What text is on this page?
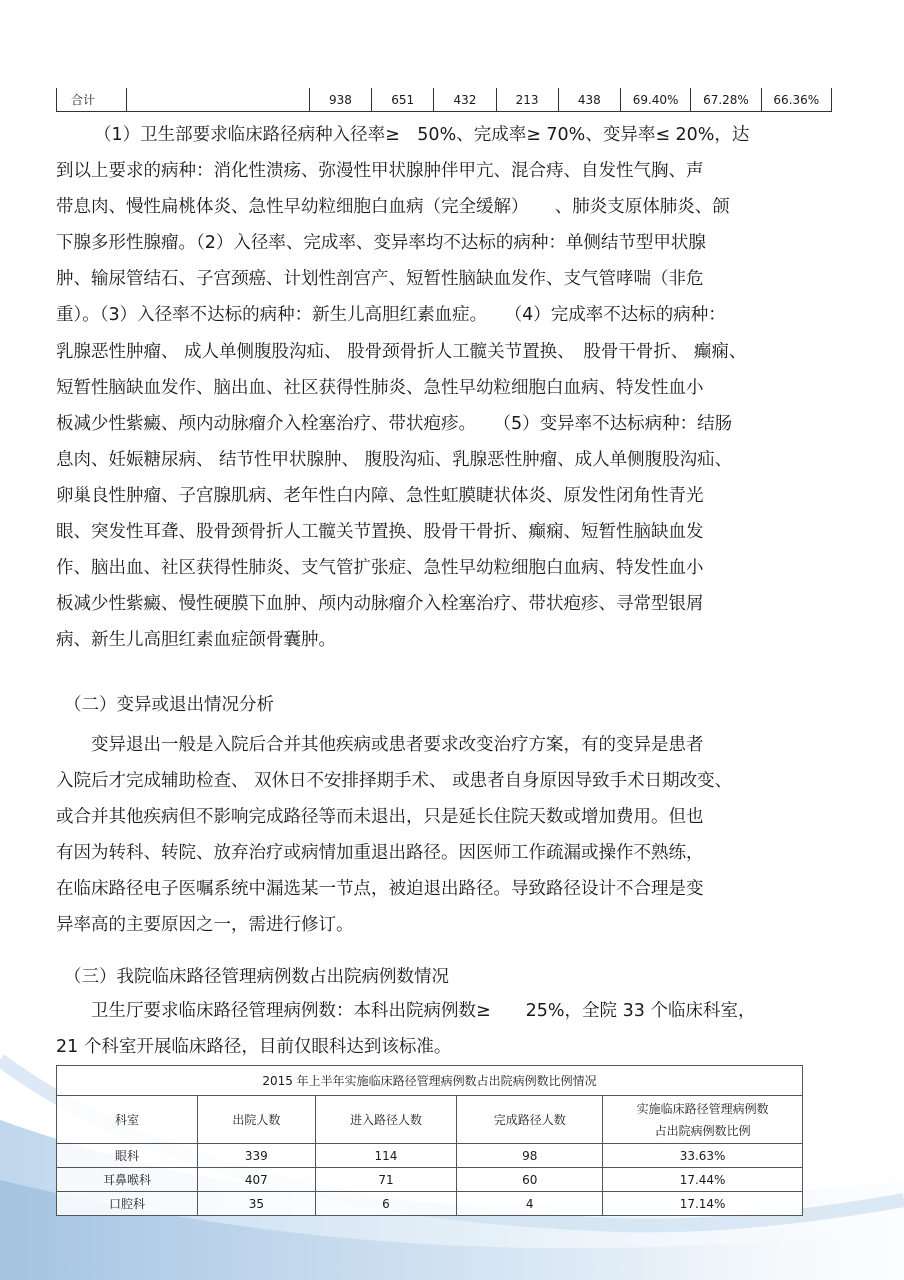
合计		938	651	432	213	438	69.40%	67.28%	66.36%
（1）卫生部要求临床路径病种入径率≥　50%、完成率≥ 70%、变异率≤ 20%，达
到以上要求的病种：消化性溃疡、弥漫性甲状腺肿伴甲亢、混合痔、自发性气胸、声
带息肉、慢性扁桃体炎、急性早幼粒细胞白血病（完全缓解）　　、肺炎支原体肺炎、颌
下腺多形性腺瘤。（2）入径率、完成率、变异率均不达标的病种：单侧结节型甲状腺
肿、输尿管结石、子宫颈癌、计划性剖宫产、短暂性脑缺血发作、支气管哮喘（非危
重）。（3）入径率不达标的病种：新生儿高胆红素血症。　　（4）完成率不达标的病种：
乳腺恶性肿瘤、 成人单侧腹股沟疝、 股骨颈骨折人工髋关节置换、　股骨干骨折、 癫痫、
短暂性脑缺血发作、脑出血、社区获得性肺炎、急性早幼粒细胞白血病、特发性血小
板减少性紫癜、颅内动脉瘤介入栓塞治疗、带状疱疹。　　（5）变异率不达标病种：结肠
息肉、妊娠糖尿病、 结节性甲状腺肿、 腹股沟疝、乳腺恶性肿瘤、成人单侧腹股沟疝、
卵巢良性肿瘤、子宫腺肌病、老年性白内障、急性虹膜睫状体炎、原发性闭角性青光
眼、突发性耳聋、股骨颈骨折人工髋关节置换、股骨干骨折、癫痫、短暂性脑缺血发
作、脑出血、社区获得性肺炎、支气管扩张症、急性早幼粒细胞白血病、特发性血小
板减少性紫癜、慢性硬膜下血肿、颅内动脉瘤介入栓塞治疗、带状疱疹、寻常型银屑
病、新生儿高胆红素血症颌骨囊肿。

（二）变异或退出情况分析

　　变异退出一般是入院后合并其他疾病或患者要求改变治疗方案，有的变异是患者
入院后才完成辅助检查、 双休日不安排择期手术、 或患者自身原因导致手术日期改变、
或合并其他疾病但不影响完成路径等而未退出，只是延长住院天数或增加费用。但也
有因为转科、转院、放弃治疗或病情加重退出路径。因医师工作疏漏或操作不熟练，
在临床路径电子医嘱系统中漏选某一节点，被迫退出路径。导致路径设计不合理是变
异率高的主要原因之一，需进行修订。

（三）我院临床路径管理病例数占出院病例数情况

　　卫生厅要求临床路径管理病例数：本科出院病例数≥　　25%，全院 33 个临床科室，
21 个科室开展临床路径，目前仅眼科达到该标准。
2015 年上半年实施临床路径管理病例数占出院病例数比例情况				
科室	出院人数	进入路径人数	完成路径人数	实施临床路径管理病例数
占出院病例数比例
眼科	339	114	98	33.63%
耳鼻喉科	407	71	60	17.44%
口腔科	35	6	4	17.14%
